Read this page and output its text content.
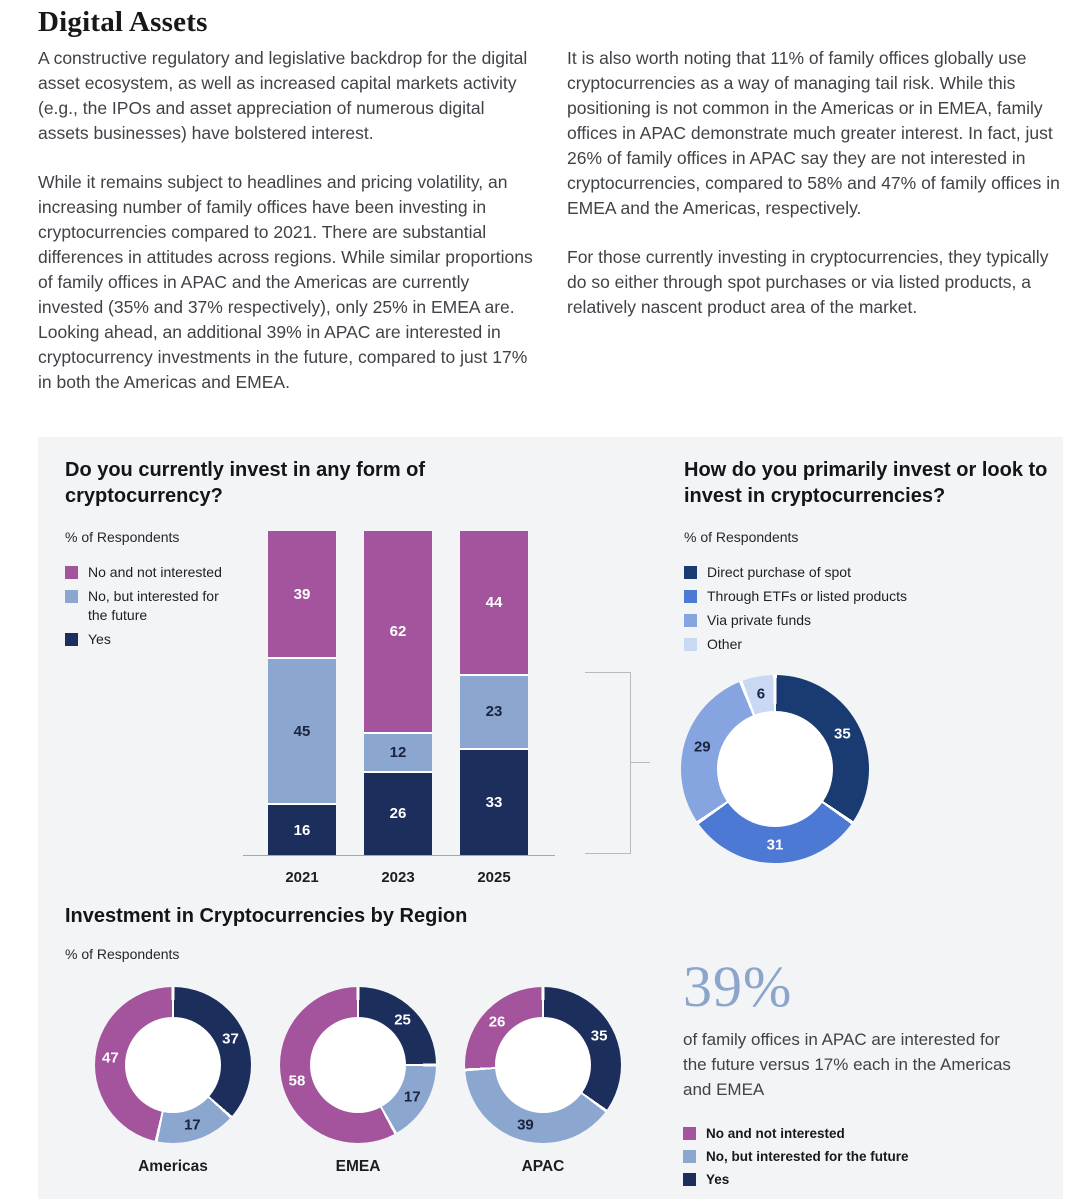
Digital Assets

A constructive regulatory and legislative backdrop for the digital asset ecosystem, as well as increased capital markets activity (e.g., the IPOs and asset appreciation of numerous digital assets businesses) have bolstered interest.

While it remains subject to headlines and pricing volatility, an increasing number of family offices have been investing in cryptocurrencies compared to 2021. There are substantial differences in attitudes across regions. While similar proportions of family offices in APAC and the Americas are currently invested (35% and 37% respectively), only 25% in EMEA are. Looking ahead, an additional 39% in APAC are interested in cryptocurrency investments in the future, compared to just 17% in both the Americas and EMEA.

It is also worth noting that 11% of family offices globally use cryptocurrencies as a way of managing tail risk. While this positioning is not common in the Americas or in EMEA, family offices in APAC demonstrate much greater interest. In fact, just 26% of family offices in APAC say they are not interested in cryptocurrencies, compared to 58% and 47% of family offices in EMEA and the Americas, respectively.

For those currently investing in cryptocurrencies, they typically do so either through spot purchases or via listed products, a relatively nascent product area of the market.

Do you currently invest in any form of cryptocurrency?
% of Respondents
No and not interested
No, but interested for the future
Yes
39
45
16
2021
62
12
26
2023
44
23
33
2025
How do you primarily invest or look to invest in cryptocurrencies?
% of Respondents
Direct purchase of spot
Through ETFs or listed products
Via private funds
Other
35
31
29
6
Investment in Cryptocurrencies by Region
% of Respondents
37
17
47
25
17
58
35
39
26
Americas	EMEA	APAC
39%
of family offices in APAC are interested for the future versus 17% each in the Americas and EMEA
No and not interested
No, but interested for the future
Yes
